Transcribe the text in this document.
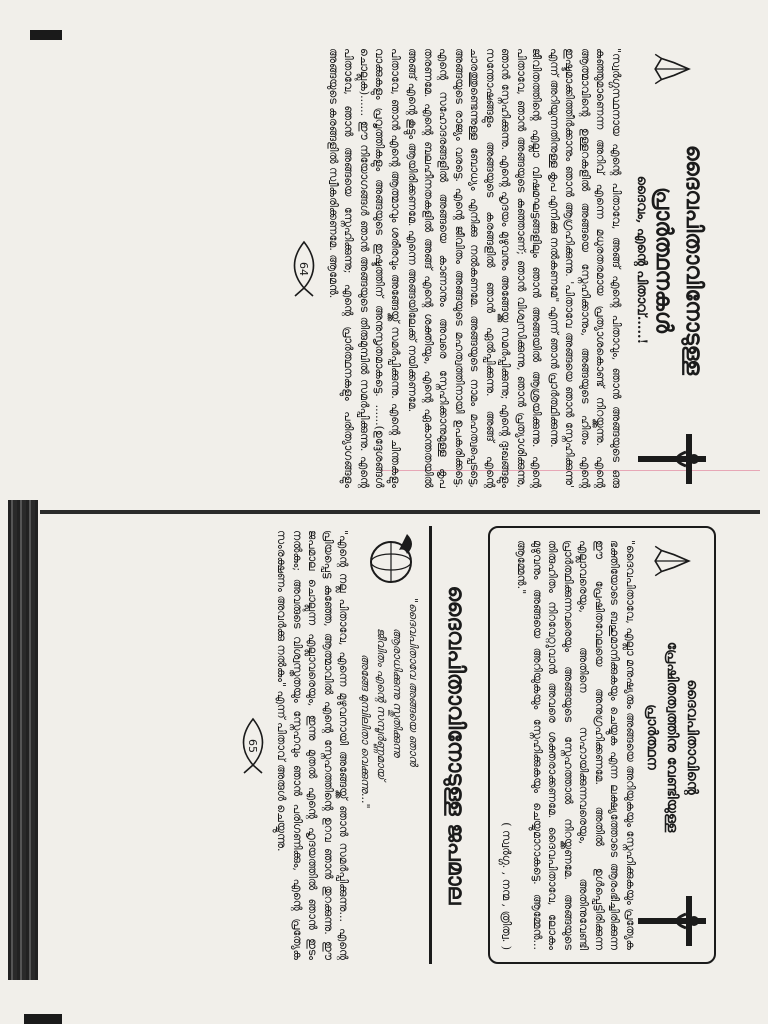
ദൈവപിതാവിനോടുള്ള പ്രാർത്ഥനകൾ
ദൈവം, എന്റെ പിതാവ്.....!

"സ്വർഗ്ഗസ്ഥനായ എന്റെ പിതാവേ, അങ്ങ് എന്റെ പിതാവും, ഞാൻ അങ്ങയുടെ ഒരു കുഞ്ഞുമാണെന്ന അറിവ് എന്നെ മധുരതരമായ പ്രത്യാശകൊണ്ട് നിറയ്ക്കുന്നു. എന്റെ ആത്മാവിന്റെ ഉള്ളറകളിൽ അങ്ങയെ സ്നേഹിക്കാനും, അങ്ങയുടെ ഹിതം എന്റെ ഇഷ്ടമാക്കിത്തീർക്കാനും ഞാൻ ആഗ്രഹിക്കുന്നു. 'പിതാവേ അങ്ങയെ ഞാൻ സ്നേഹിക്കുന്നു' എന്ന് അറിയുന്നതിനുള്ള കൃപ എനിക്കു നൽകണമേ" എന്ന് ഞാൻ പ്രാർത്ഥിക്കുന്നു.

ജീവിതത്തിന്റെ എല്ലാ വിഷമഘട്ടങ്ങളിലും ഞാൻ അങ്ങയിൽ ആശ്രയിക്കുന്നു. എന്റെ പിതാവേ, ഞാൻ അങ്ങയുടെ കുഞ്ഞാണ്; ഞാൻ വിശ്വസിക്കുന്നു, ഞാൻ പ്രത്യാശിക്കുന്നു, ഞാൻ സ്നേഹിക്കുന്നു. എന്റെ ഹൃദയം മുഴുവനും അങ്ങേയ്ക്കു സമർപ്പിക്കുന്നു; എന്റെ ദുഃഖങ്ങളും സന്തോഷങ്ങളും അങ്ങയുടെ കരങ്ങളിൽ ഞാൻ ഏൽപ്പിക്കുന്നു. അങ്ങ് എന്റെ ചാരത്തുണ്ടെന്നുള്ള ബോധ്യം എനിക്കു നൽകണമേ. അങ്ങയുടെ നാമം മഹത്വപ്പെടട്ടെ, അങ്ങയുടെ രാജ്യം വരട്ടെ. എന്റെ ജീവിതം അങ്ങയുടെ മഹത്വത്തിനായി ഉപകരിക്കട്ടെ. എന്റെ സഹോദരങ്ങളിൽ അങ്ങയെ കാണാനും അവരെ സ്നേഹിക്കാനുമുള്ള കൃപ തരണമേ. എന്റെ ബലഹീനതകളിൽ അങ്ങ് എന്റെ ശക്തിയും, എന്റെ ഏകാന്തതയിൽ അങ്ങ് എന്റെ കൂട്ടും ആയിരിക്കണമേ. എന്നെ അങ്ങയിലേക്ക് നയിക്കണമേ.

പിതാവേ, ഞാൻ എന്റെ ആത്മാവും ശരീരവും അങ്ങേയ്ക്ക് സമർപ്പിക്കുന്നു. എന്റെ ചിന്തകളും വാക്കുകളും പ്രവൃത്തികളും അങ്ങയുടെ ഇഷ്ടത്തിന് അനുസൃതമാകട്ടെ. ......(ഉദ്ദേശങ്ങൾ ചൊല്ലുക)...... ഈ നിയോഗങ്ങൾ ഞാൻ അങ്ങയുടെ തിരുമുമ്പിൽ സമർപ്പിക്കുന്നു. എന്റെ പിതാവേ, ഞാൻ അങ്ങയെ സ്നേഹിക്കുന്നു; എന്റെ പ്രാർത്ഥനകളും പരിത്യാഗങ്ങളും അങ്ങയുടെ കരങ്ങളിൽ സ്വീകരിക്കണമേ. ആമേൻ.

64
ദൈവപിതാവിന്റെ
പ്രേഷിതത്വത്തിനു വേണ്ടിയുള്ള
പ്രാർത്ഥന

"ദൈവപിതാവേ, എല്ലാ മനുഷ്യരും അങ്ങയെ അറിയുകയും സ്നേഹിക്കുകയും പ്രത്യേക ഭക്തിയോടെ ബഹുമാനിക്കുകയും ചെയ്യുക എന്ന ലക്ഷ്യത്തോടെ ആരംഭിച്ചിരിക്കുന്ന ഈ പ്രേഷിതവേലയെ അനുഗ്രഹിക്കണമേ. അതിൽ ഉൾപ്പെട്ടിരിക്കുന്ന എല്ലാവരെയും, അതിനെ സഹായിക്കുന്നവരെയും, അതിനുവേണ്ടി പ്രാർത്ഥിക്കുന്നവരെയും അങ്ങയുടെ സ്നേഹത്താൽ നിറയ്ക്കണമേ. അങ്ങയുടെ തിരുഹിതം നിറവേറ്റുവാൻ അവരെ ശക്തരാക്കണമേ. ദൈവപിതാവേ, ലോകം മുഴുവനും അങ്ങയെ അറിയുകയും സ്നേഹിക്കുകയും ചെയ്യുമാറാകട്ടെ. ആമ്മേൻ... ആമ്മേൻ."

( സ്വർഗ്ഗ. , നന്മ , ത്രിത്വ. )
ദൈവപിതാവിനോടുള്ള ജപമാല

"ദൈവപിതാവേ അങ്ങയെ ഞാൻ

ആരാധിക്കുന്നു സ്തുതിക്കുന്നു

ജീവിതം എന്റെ സമ്പൂർണ്ണമായ്

അങ്ങേ മുമ്പിലിതാ വെക്കുന്നു..."

"എന്റെ നല്ല പിതാവേ, എന്നെ മുഴുവനായി അങ്ങേയ്ക്ക് ഞാൻ സമർപ്പിക്കുന്നു... എന്റെ പ്രിയപ്പെട്ട കുഞ്ഞേ, ആത്മാവിൽ എന്റെ സ്നേഹത്തിന്റെ ഉറവ ഞാൻ തുറക്കുന്നു. ഈ ജപമാല ചൊല്ലുന്ന എല്ലാവരെയും, ഇന്നു മുതൽ എന്റെ ഹൃദയത്തിൽ ഞാൻ ഇടം നൽകും; അവരുടെ വിശ്വസ്തതയും സ്നേഹവും ഞാൻ പരിഗണിക്കും, എന്റെ പ്രത്യേക സംരക്ഷണം അവർക്കു നൽകും" എന്ന് പിതാവ് അരുൾ ചെയ്യുന്നു.

65
